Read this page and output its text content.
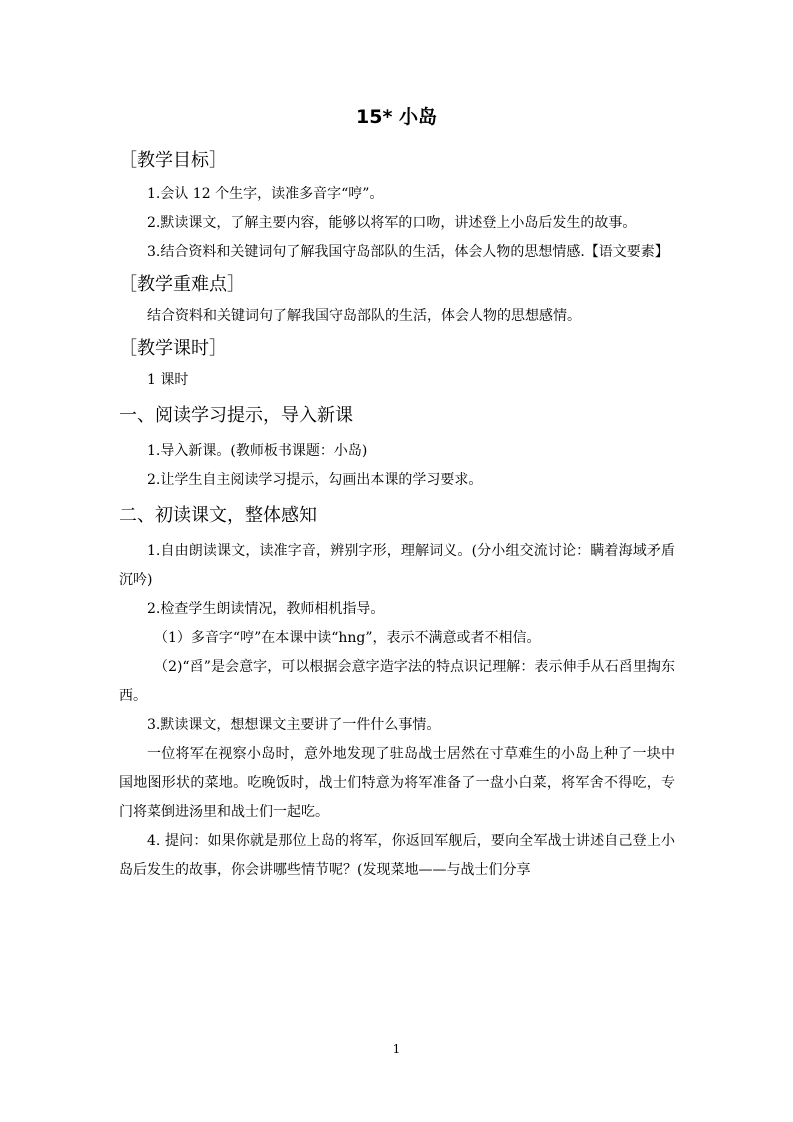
15* 小岛

［教学目标］

1.会认 12 个生字，读准多音字“哼”。

2.默读课文，了解主要内容，能够以将军的口吻，讲述登上小岛后发生的故事。

3.结合资料和关键词句了解我国守岛部队的生活，体会人物的思想情感.【语文要素】

［教学重难点］

结合资料和关键词句了解我国守岛部队的生活，体会人物的思想感情。

［教学课时］

1 课时

一、阅读学习提示，导入新课

1.导入新课。(教师板书课题：小岛)

2.让学生自主阅读学习提示，勾画出本课的学习要求。

二、初读课文，整体感知

1.自由朗读课文，读准字音，辨别字形，理解词义。(分小组交流讨论：瞒着海域矛盾沉吟)

2.检查学生朗读情况，教师相机指导。

（1）多音字“哼”在本课中读“hng”，表示不满意或者不相信。

（2)“舀”是会意字，可以根据会意字造字法的特点识记理解：表示伸手从石舀里掏东西。

3.默读课文，想想课文主要讲了一件什么事情。

一位将军在视察小岛时，意外地发现了驻岛战士居然在寸草难生的小岛上种了一块中国地图形状的菜地。吃晚饭时，战士们特意为将军准备了一盘小白菜，将军舍不得吃，专门将菜倒进汤里和战士们一起吃。

4. 提问：如果你就是那位上岛的将军，你返回军舰后，要向全军战士讲述自己登上小岛后发生的故事，你会讲哪些情节呢？(发现菜地——与战士们分享

1
